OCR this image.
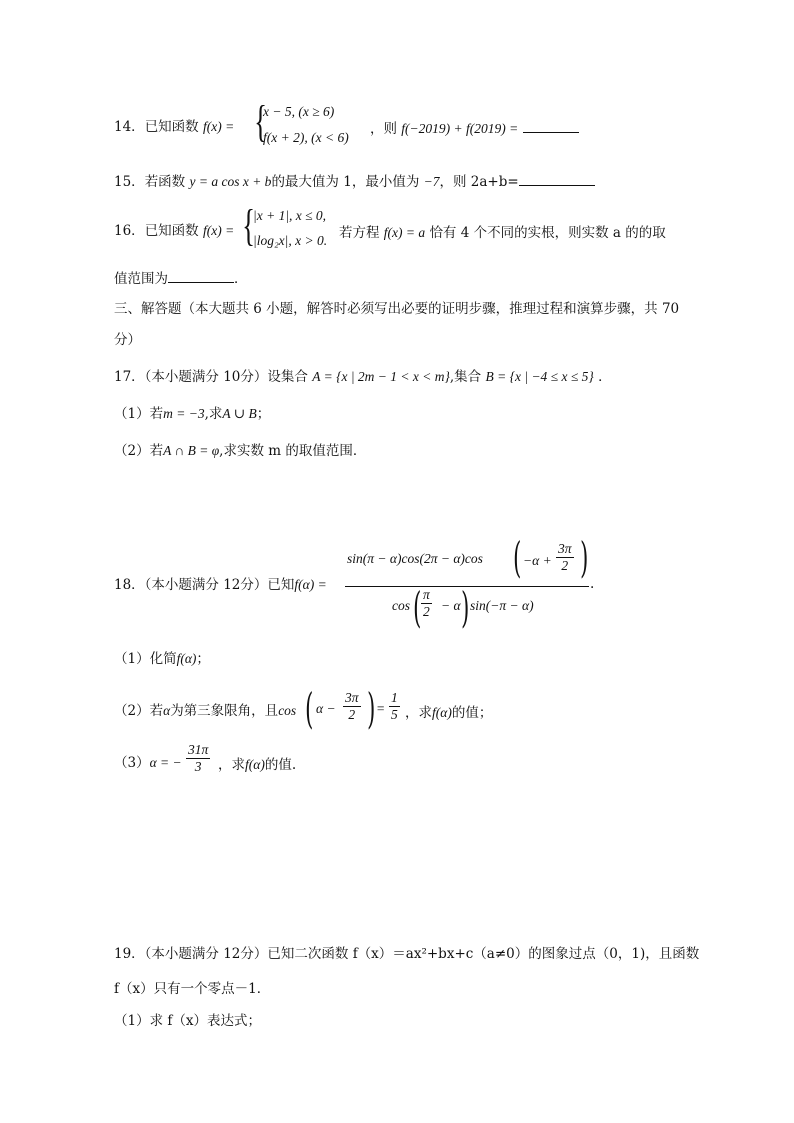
14．已知函数 f(x) = {
x − 5, (x ≥ 6)
f(x + 2), (x < 6)
，则 f(−2019) + f(2019) =
15．若函数 y = a cos x + b的最大值为 1，最小值为 −7，则 2a+b=
16．已知函数 f(x) = {
|x + 1|, x ≤ 0,
|log₂x|, x > 0. 若方程 f(x) = a 恰有 4 个不同的实根，则实数 a 的的取
值范围为	．
三、解答题（本大题共 6 小题，解答时必须写出必要的证明步骤，推理过程和演算步骤，共 70
分）
17．（本小题满分 10分）设集合 A = {x | 2m − 1 < x < m},集合 B = {x | −4 ≤ x ≤ 5} ．
（1）若m = −3,求A ∪ B；
（2）若A ∩ B = φ,求实数 m 的取值范围．
18．（本小题满分 12分）已知f(α) =
sin(π − α)cos(2π − α)cos ( $-\alpha + \frac{3\pi}{2}$ )
.
cos ( $\frac{\pi}{2} - \alpha$ ) sin(−π − α)
（1）化简f(α)；
（2）若α为第三象限角，且cos ( $\alpha - \frac{3\pi}{2}$ ) = $\frac{1}{5}$ ，求f(α)的值；
（3）α = − $\frac{31\pi}{3}$ ，求f(α)的值.
19．（本小题满分 12分）已知二次函数 f（x）＝ax²+bx+c（a≠0）的图象过点（0，1)，且函数
f（x）只有一个零点－1．
（1）求 f（x）表达式；
